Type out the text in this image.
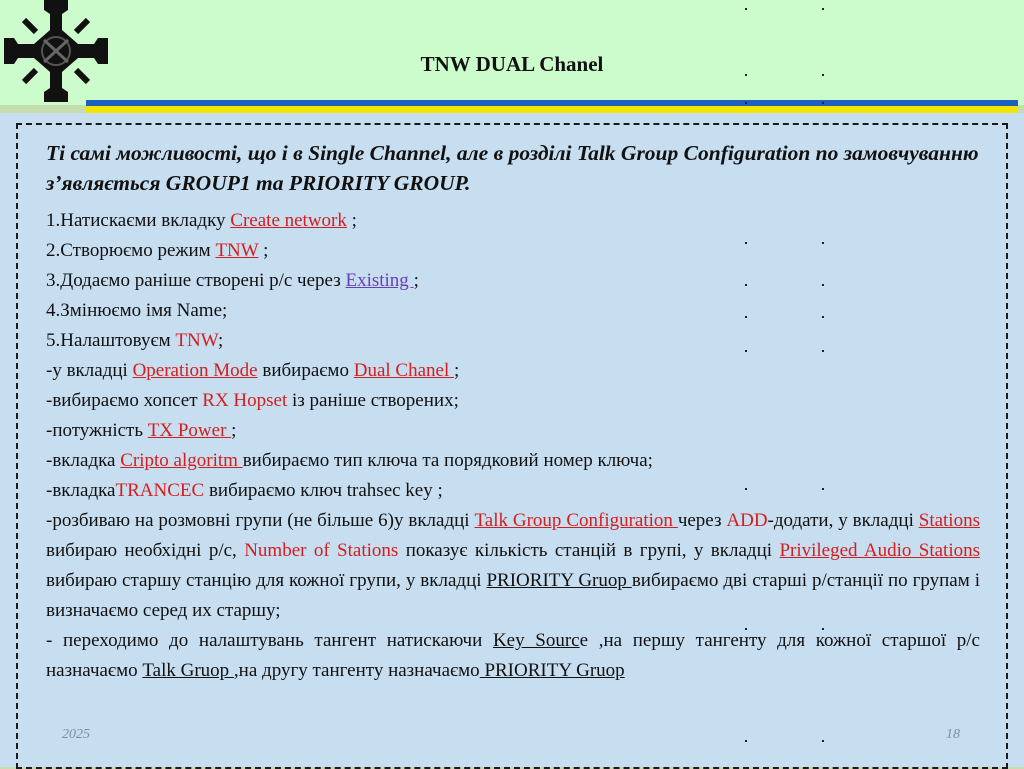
TNW DUAL Chanel

Ті самі можливості, що і в Single Channel, але в розділі Talk Group Configuration по замовчуванню з’являється GROUP1 та PRIORITY GROUP.

1.Натискаєми вкладку Create network ;

2.Створюємо режим TNW ;

3.Додаємо раніше створені р/с через Existing ;

4.Змінюємо імя Name;

5.Налаштовуєм TNW;

-у вкладці Operation Mode вибираємо Dual Chanel ;

-вибираємо хопсет RX Hopset із раніше створених;

-потужність TX Power ;

-вкладка Cripto algoritm вибираємо тип ключа та порядковий номер ключа;

-вкладкаTRANCEC вибираємо ключ trahsec key ;

-розбиваю на розмовні групи (не більше 6)у вкладці Talk Group Configuration через ADD-додати, у вкладці Stations вибираю необхідні р/с, Number of Stations показує кількість станцій в групі, у вкладці Privileged Audio Stations вибираю старшу станцію для кожної групи, у вкладці PRIORITY Gruop вибираємо дві старші р/станції по групам і визначаємо серед их старшу;

- переходимо до налаштувань тангент натискаючи Key Source ,на першу тангенту для кожної старшої р/с назначаємо Talk Gruop ,на другу тангенту назначаємо PRIORITY Gruop

2025	18
